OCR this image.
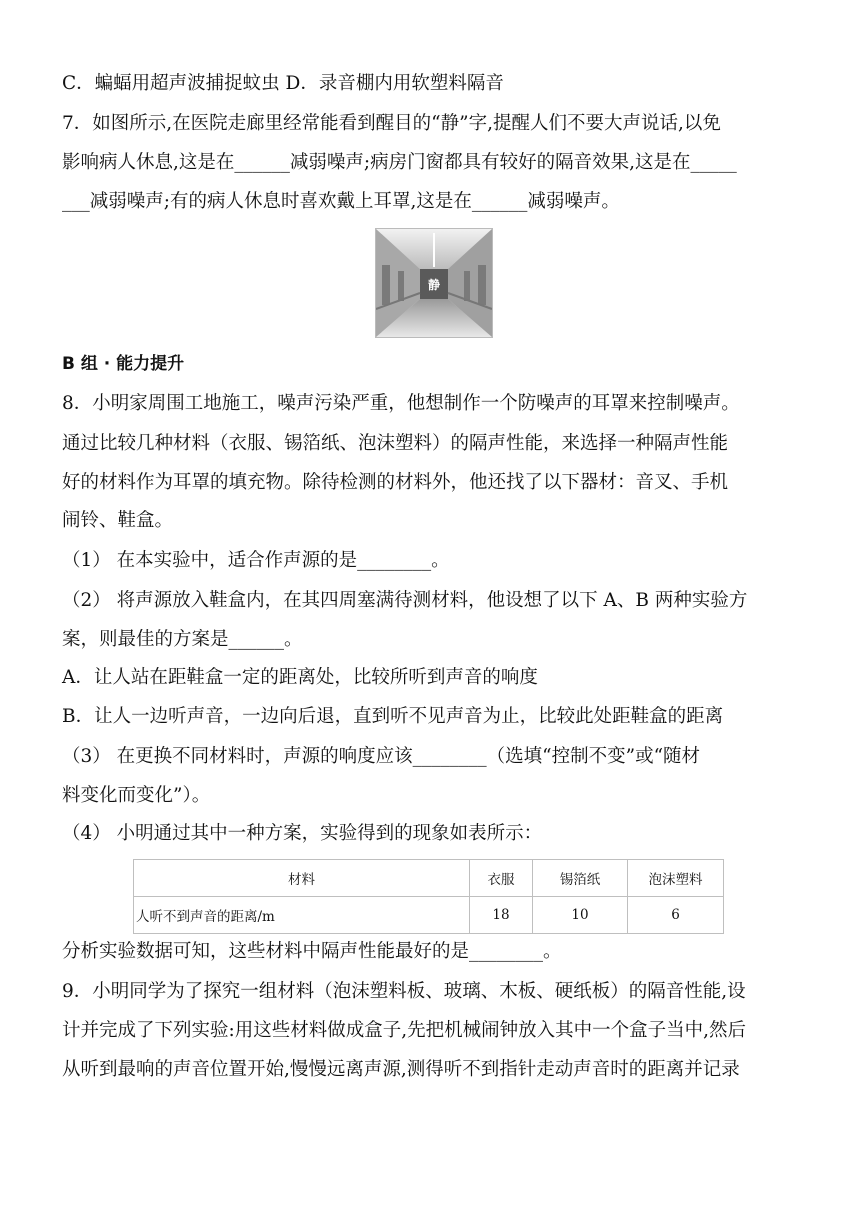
C．蝙蝠用超声波捕捉蚊虫 D．录音棚内用软塑料隔音
7．如图所示,在医院走廊里经常能看到醒目的“静”字,提醒人们不要大声说话,以免
影响病人休息,这是在______减弱噪声;病房门窗都具有较好的隔音效果,这是在_____
___减弱噪声;有的病人休息时喜欢戴上耳罩,这是在______减弱噪声。
静
B 组 · 能力提升
8．小明家周围工地施工，噪声污染严重，他想制作一个防噪声的耳罩来控制噪声。
通过比较几种材料（衣服、锡箔纸、泡沫塑料）的隔声性能，来选择一种隔声性能
好的材料作为耳罩的填充物。除待检测的材料外，他还找了以下器材：音叉、手机
闹铃、鞋盒。
（1） 在本实验中，适合作声源的是________。
（2） 将声源放入鞋盒内，在其四周塞满待测材料，他设想了以下 A、B 两种实验方
案，则最佳的方案是______。
A．让人站在距鞋盒一定的距离处，比较所听到声音的响度
B．让人一边听声音，一边向后退，直到听不见声音为止，比较此处距鞋盒的距离
（3） 在更换不同材料时，声源的响度应该________（选填“控制不变”或“随材
料变化而变化”）。
（4） 小明通过其中一种方案，实验得到的现象如表所示：
材料	衣服	锡箔纸	泡沫塑料
人听不到声音的距离/m	18	10	6
分析实验数据可知，这些材料中隔声性能最好的是________。
9．小明同学为了探究一组材料（泡沫塑料板、玻璃、木板、硬纸板）的隔音性能,设
计并完成了下列实验:用这些材料做成盒子,先把机械闹钟放入其中一个盒子当中,然后
从听到最响的声音位置开始,慢慢远离声源,测得听不到指针走动声音时的距离并记录
